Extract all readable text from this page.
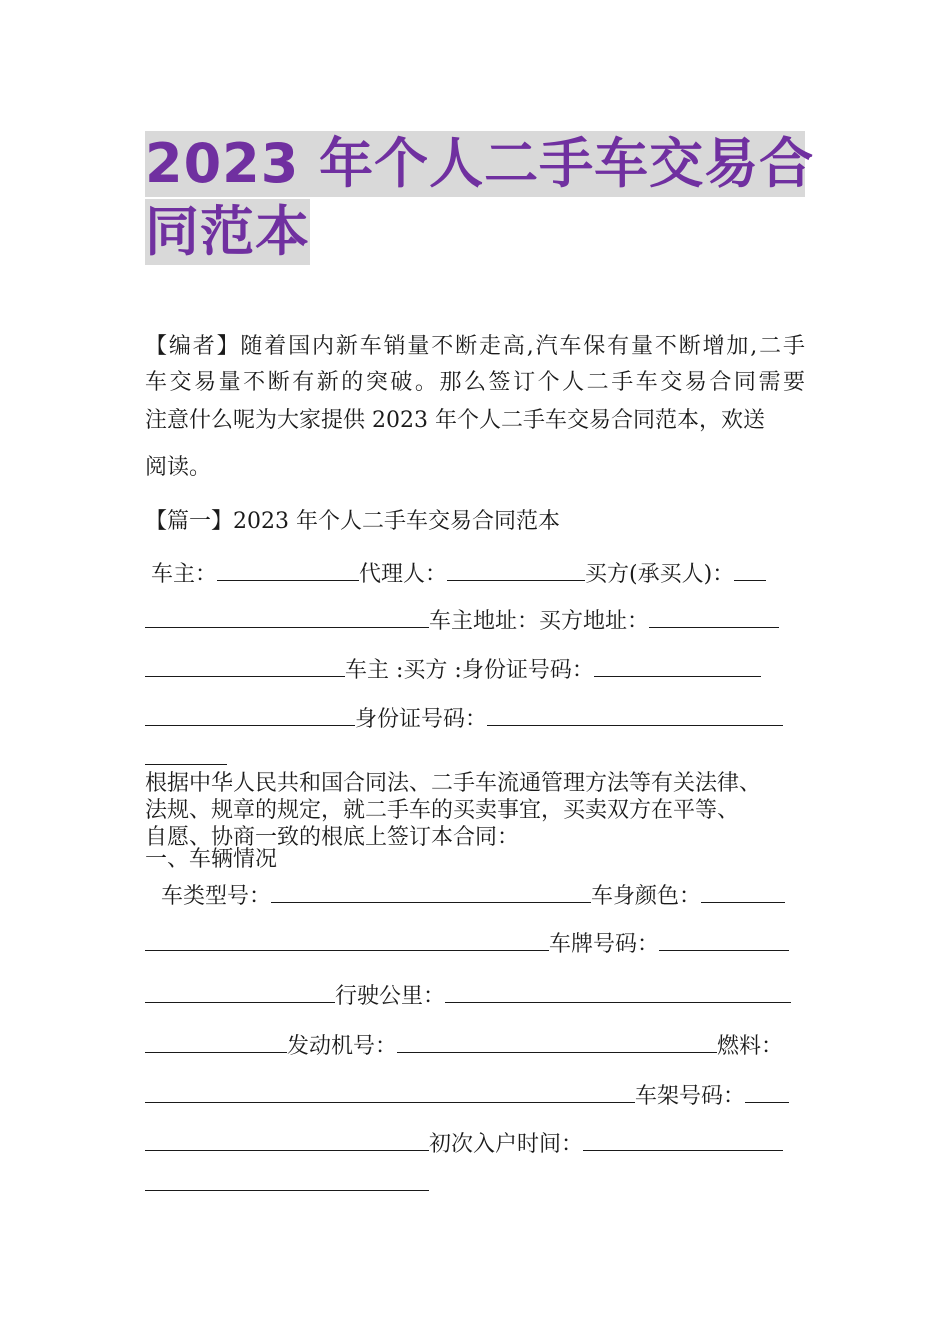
2023 年个人二手车交易合
同范本
【编者】随着国内新车销量不断走高,汽车保有量不断增加,二手
车交易量不断有新的突破。那么签订个人二手车交易合同需要
注意什么呢为大家提供 2023 年个人二手车交易合同范本，欢送
阅读。
【篇一】2023 年个人二手车交易合同范本
车主：	代理人：	买方(承买人)：
车主地址：买方地址：
车主 :买方 :身份证号码：
身份证号码：
根据中华人民共和国合同法、二手车流通管理方法等有关法律、
法规、规章的规定，就二手车的买卖事宜，买卖双方在平等、
自愿、协商一致的根底上签订本合同：
一、车辆情况
车类型号：	车身颜色：
车牌号码：
行驶公里：
发动机号：	燃料：
车架号码：
初次入户时间：
